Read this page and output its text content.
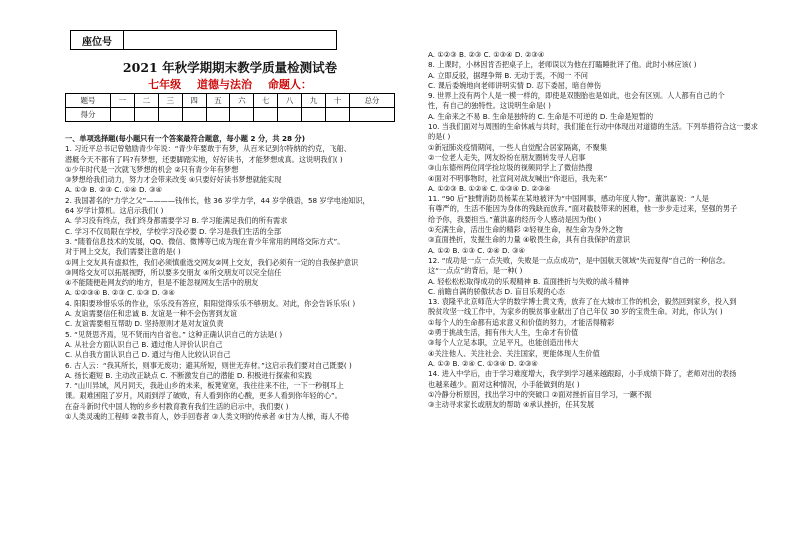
座位号
2021 年秋学期期末教学质量检测试卷
七年级 道德与法治 命题人：
题号	一	二	三	四	五	六	七	八	九	十	总分
得分											
一、单项选择题(每小题只有一个答案最符合题意，每小题 2 分，共 28 分)
1. 习近平总书记曾勉励青少年说：“青少年要敢于有梦，从百米记到尔特纳的约克，飞船、
潜艇今天不都有了吗?有梦想，还要脚踏实地，好好读书，才能梦想成真。这说明我们( )
①少年时代是一次就飞梦想的机会 ②只有青少年有梦想
③梦想给我们动力，努力才会带来改变 ④只要好好读书梦想就能实现
A. ①③ B. ②③ C. ①④ D. ③④
2. 我国著名的“力学之父”————钱伟长，他 36 岁学力学，44 岁学俄语，58 岁学电池知识，
64 岁学计算机。这启示我们( )
A. 学习没有终点，我们终身都需要学习 B. 学习能满足我们的所有需求
C. 学习不仅局限在学校，学校学习没必要 D. 学习是我们生活的全部
3. “随着信息技术的发展，QQ、微信、微博等已成为现在青少年常用的网络交际方式”。
对于网上交友，我们需要注意的是( )
①网上交友具有虚拟性，我们必须慎重选交网友②网上交友，我们必须有一定的自我保护意识
③网络交友可以拓展视野，所以要多交朋友 ④所交朋友可以完全信任
④不能随便赴网友约的地方，但是不能忽视网友生活中的朋友
A. ①②③④ B. ②③ C. ①③ D. ③④
4. 阳阳要珍惜乐乐的作业，乐乐没有答应，阳阳觉得乐乐不够朋友。对此，你会告诉乐乐( )
A. 友谊需要信任和忠诚 B. 友谊是一种不会伤害到友谊
C. 友谊需要相互帮助 D. 坚持原则才是对友谊负责
5. “见贤思齐焉，见不贤而内自省也。” 这种正确认识自己的方法是( )
A. 从社会方面认识自己 B. 通过他人评价认识自己
C. 从自我方面认识自己 D. 通过与他人比较认识自己
6. 古人云：“我其所长，则事无废功；避其所短，则世无弃材。”这启示我们要对自己既要( )
A. 扬长避短 B. 主动改正缺点 C. 不断激发自己的潜能 D. 积极进行探索和实践
7. “山川异域，风月同天，我赴山乡的未来，板凳宽宽，我往往来不往，一下一秒钢耳上
课。艰难困阻了岁月，风雨到浮了破败，有人看到你的心酸，更多人看到你年轻的心”。
在奋斗新时代中国人物的乡乡村教育教有我们生活的启示中，我们要( )
①人类灵魂的工程师 ②教书育人，妙手回春者 ③人类文明的传承者 ④甘为人梯，诲人不倦
A. ①②③ B. ②③ C. ①③④ D. ②③④
8. 上课时，小林因肯否把桌子上，老师误以为他在打瞌睡批评了他。此时小林应该( )
A. 立即反驳，据理争辩 B. 无动于衷，不闻一 不问
C. 课后委婉地向老师讲明实情 D. 忍下委屈，暗自伸伤
9. 世界上没有两个人是一模一样的，即使是双胞胎也是如此，也会有区别。人人都有自己的个
性，有自己的独特性。这说明生命是( )
A. 生命来之不易 B. 生命是独特的 C. 生命是不可逆的 D. 生命是短暂的
10. 当我们面对与周围的生命休戚与共时，我们能在行动中体现出对道德的生活。下列举措符合这一要求
的是( )
①新冠肺炎疫情期间，一些人自觉配合居家隔离，不聚集
②一位老人走失，网友纷纷在朋友圈转发寻人启事
③山东德州两位同学捡垃圾的视频同学上了微信热搜
④面对不明事物时，社宣间对战友喊出“你退后，我先来”
A. ①②③ B. ①②④ C. ①③④ D. ②③④
11. “90 后”独臂消防员杨某在某地被评为“中国网事，感动年度人物”。董洪嘉说：“人是
有尊严的，生活不能因为身体的残缺而放弃。”面对截肢带来的困难，他一步步走过来，坚强的男子
给予你，我要担当。”董洪嘉的经历令人感动是因为他( )
①充满生命，活出生命的精彩 ②轻视生命，视生命为身外之物
③直面挫折，发掘生命的力量 ④敬畏生命，具有自我保护的意识
A. ①② B. ①③ C. ②④ D. ③④
12. “成功是一点一点失败，失败是一点点成功”，是中国航天领域“失而复得”自己的一种信念。
这“一点点”的背后，是一种( )
A. 轻松松松取得成功的乐观精神 B. 直面挫折与失败的战斗精神
C. 前瞻自满的骄傲状态 D. 盲目乐观的心态
13. 袁隆平北京师范大学的数学博士黄文秀，放弃了在大城市工作的机会，毅然回到家乡，投入到
脱贫攻坚一线工作中，为家乡的脱贫事业献出了自己年仅 30 岁的宝贵生命。对此，你认为( )
①每个人的生命都有追求意义和价值的努力，才能活得精彩
②勇于挑战生活，拥有伟大人生，生命才有价值
③每个人立足本职，立足平凡，也能创造出伟大
④关注他人、关注社会、关注国家，更能体现人生价值
A. ①③ B. ②④ C. ①③④ D. ②③④
14. 进入中学后，由于学习难度增大，我学到学习越来越跟踪，小手成绩下降了，老师对出的表扬
也越来越少。面对这种情况，小手能做到的是( )
①冷静分析原因，找出学习中的突破口 ②面对挫折盲目学习，一蹶不振
③主动寻求家长或朋友的帮助 ④承认挫折，任其发展
